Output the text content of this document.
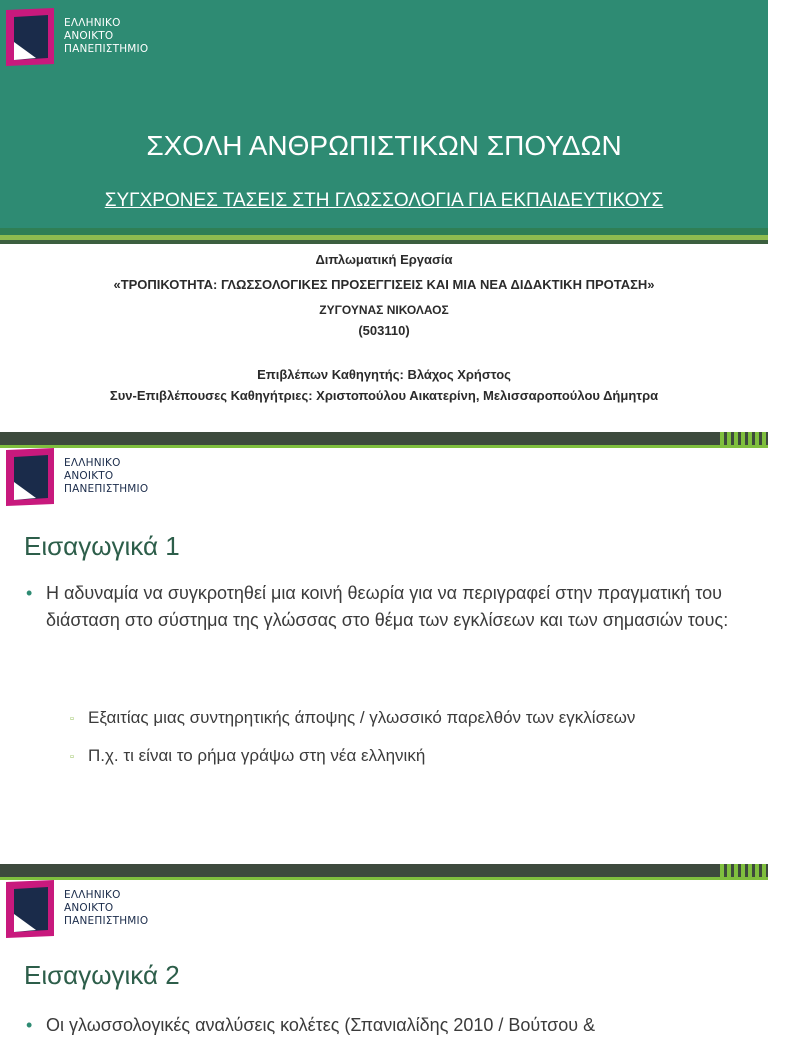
ΕΛΛΗΝΙΚΟ
ΑΝΟΙΚΤΟ
ΠΑΝΕΠΙΣΤΗΜΙΟ
ΣΧΟΛΗ ΑΝΘΡΩΠΙΣΤΙΚΩΝ ΣΠΟΥΔΩΝ
ΣΥΓΧΡΟΝΕΣ ΤΑΣΕΙΣ ΣΤΗ ΓΛΩΣΣΟΛΟΓΙΑ ΓΙΑ ΕΚΠΑΙΔΕΥΤΙΚΟΥΣ
Διπλωματική Εργασία
«ΤΡΟΠΙΚΟΤΗΤΑ: ΓΛΩΣΣΟΛΟΓΙΚΕΣ ΠΡΟΣΕΓΓΙΣΕΙΣ ΚΑΙ ΜΙΑ ΝΕΑ ΔΙΔΑΚΤΙΚΗ ΠΡΟΤΑΣΗ»
ΖΥΓΟΥΝΑΣ ΝΙΚΟΛΑΟΣ
(503110)
Επιβλέπων Καθηγητής: Βλάχος Χρήστος
Συν-Επιβλέπουσες Καθηγήτριες: Χριστοπούλου Αικατερίνη, Μελισσαροπούλου Δήμητρα
ΕΛΛΗΝΙΚΟ
ΑΝΟΙΚΤΟ
ΠΑΝΕΠΙΣΤΗΜΙΟ
Εισαγωγικά 1
• Η αδυναμία να συγκροτηθεί μια κοινή θεωρία για να περιγραφεί στην πραγματική του διάσταση στο σύστημα της γλώσσας στο θέμα των εγκλίσεων και των σημασιών τους:
▫ Εξαιτίας μιας συντηρητικής άποψης / γλωσσικό παρελθόν των εγκλίσεων
▫ Π.χ. τι είναι το ρήμα γράψω στη νέα ελληνική
ΕΛΛΗΝΙΚΟ
ΑΝΟΙΚΤΟ
ΠΑΝΕΠΙΣΤΗΜΙΟ
Εισαγωγικά 2
• Οι γλωσσολογικές αναλύσεις κολέτες (Σπανιαλίδης 2010 / Βούτσου &
